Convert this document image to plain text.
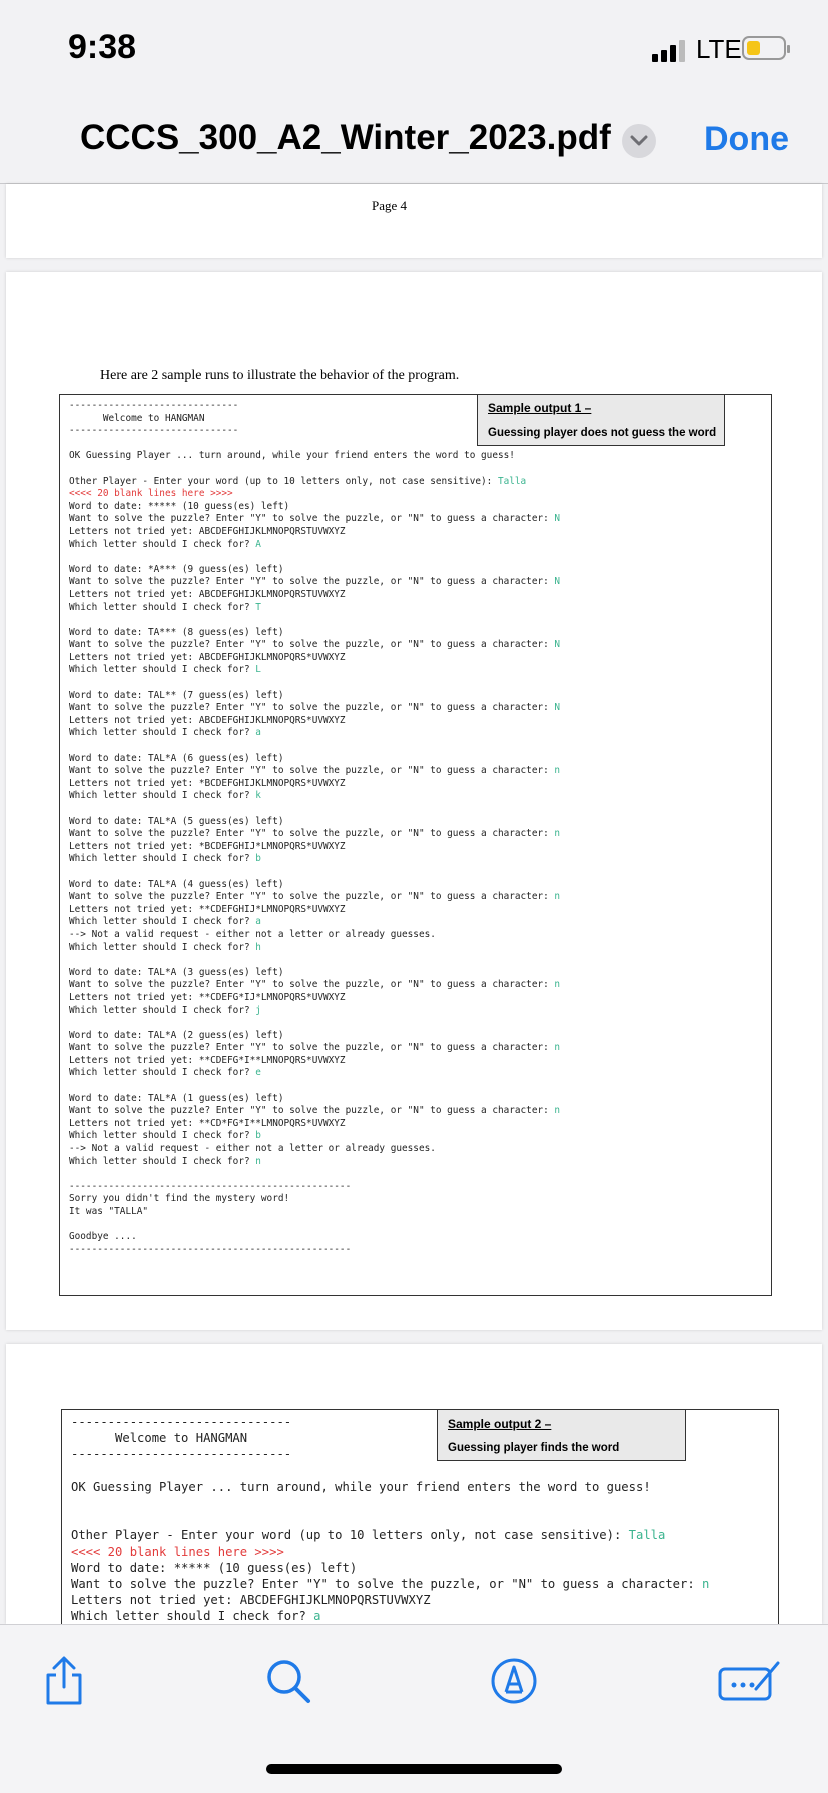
9:38	LTE
CCCS_300_A2_Winter_2023.pdf	Done
Page 4
Here are 2 sample runs to illustrate the behavior of the program.
Sample output 1 –
Guessing player does not guess the word
------------------------------
Welcome to HANGMAN
------------------------------
OK Guessing Player ... turn around, while your friend enters the word to guess!
Other Player - Enter your word (up to 10 letters only, not case sensitive): Talla
<<<< 20 blank lines here >>>>
Word to date: ***** (10 guess(es) left)
Want to solve the puzzle? Enter "Y" to solve the puzzle, or "N" to guess a character: N
Letters not tried yet: ABCDEFGHIJKLMNOPQRSTUVWXYZ
Which letter should I check for? A
Word to date: *A*** (9 guess(es) left)
Want to solve the puzzle? Enter "Y" to solve the puzzle, or "N" to guess a character: N
Letters not tried yet: ABCDEFGHIJKLMNOPQRSTUVWXYZ
Which letter should I check for? T
Word to date: TA*** (8 guess(es) left)
Want to solve the puzzle? Enter "Y" to solve the puzzle, or "N" to guess a character: N
Letters not tried yet: ABCDEFGHIJKLMNOPQRS*UVWXYZ
Which letter should I check for? L
Word to date: TAL** (7 guess(es) left)
Want to solve the puzzle? Enter "Y" to solve the puzzle, or "N" to guess a character: N
Letters not tried yet: ABCDEFGHIJKLMNOPQRS*UVWXYZ
Which letter should I check for? a
Word to date: TAL*A (6 guess(es) left)
Want to solve the puzzle? Enter "Y" to solve the puzzle, or "N" to guess a character: n
Letters not tried yet: *BCDEFGHIJKLMNOPQRS*UVWXYZ
Which letter should I check for? k
Word to date: TAL*A (5 guess(es) left)
Want to solve the puzzle? Enter "Y" to solve the puzzle, or "N" to guess a character: n
Letters not tried yet: *BCDEFGHIJ*LMNOPQRS*UVWXYZ
Which letter should I check for? b
Word to date: TAL*A (4 guess(es) left)
Want to solve the puzzle? Enter "Y" to solve the puzzle, or "N" to guess a character: n
Letters not tried yet: **CDEFGHIJ*LMNOPQRS*UVWXYZ
Which letter should I check for? a
--> Not a valid request - either not a letter or already guesses.
Which letter should I check for? h
Word to date: TAL*A (3 guess(es) left)
Want to solve the puzzle? Enter "Y" to solve the puzzle, or "N" to guess a character: n
Letters not tried yet: **CDEFG*IJ*LMNOPQRS*UVWXYZ
Which letter should I check for? j
Word to date: TAL*A (2 guess(es) left)
Want to solve the puzzle? Enter "Y" to solve the puzzle, or "N" to guess a character: n
Letters not tried yet: **CDEFG*I**LMNOPQRS*UVWXYZ
Which letter should I check for? e
Word to date: TAL*A (1 guess(es) left)
Want to solve the puzzle? Enter "Y" to solve the puzzle, or "N" to guess a character: n
Letters not tried yet: **CD*FG*I**LMNOPQRS*UVWXYZ
Which letter should I check for? b
--> Not a valid request - either not a letter or already guesses.
Which letter should I check for? n
--------------------------------------------------
Sorry you didn't find the mystery word!
It was "TALLA"
Goodbye ....
--------------------------------------------------
Sample output 2 –
Guessing player finds the word
------------------------------
Welcome to HANGMAN
------------------------------
OK Guessing Player ... turn around, while your friend enters the word to guess!
Other Player - Enter your word (up to 10 letters only, not case sensitive): Talla
<<<< 20 blank lines here >>>>
Word to date: ***** (10 guess(es) left)
Want to solve the puzzle? Enter "Y" to solve the puzzle, or "N" to guess a character: n
Letters not tried yet: ABCDEFGHIJKLMNOPQRSTUVWXYZ
Which letter should I check for? a
